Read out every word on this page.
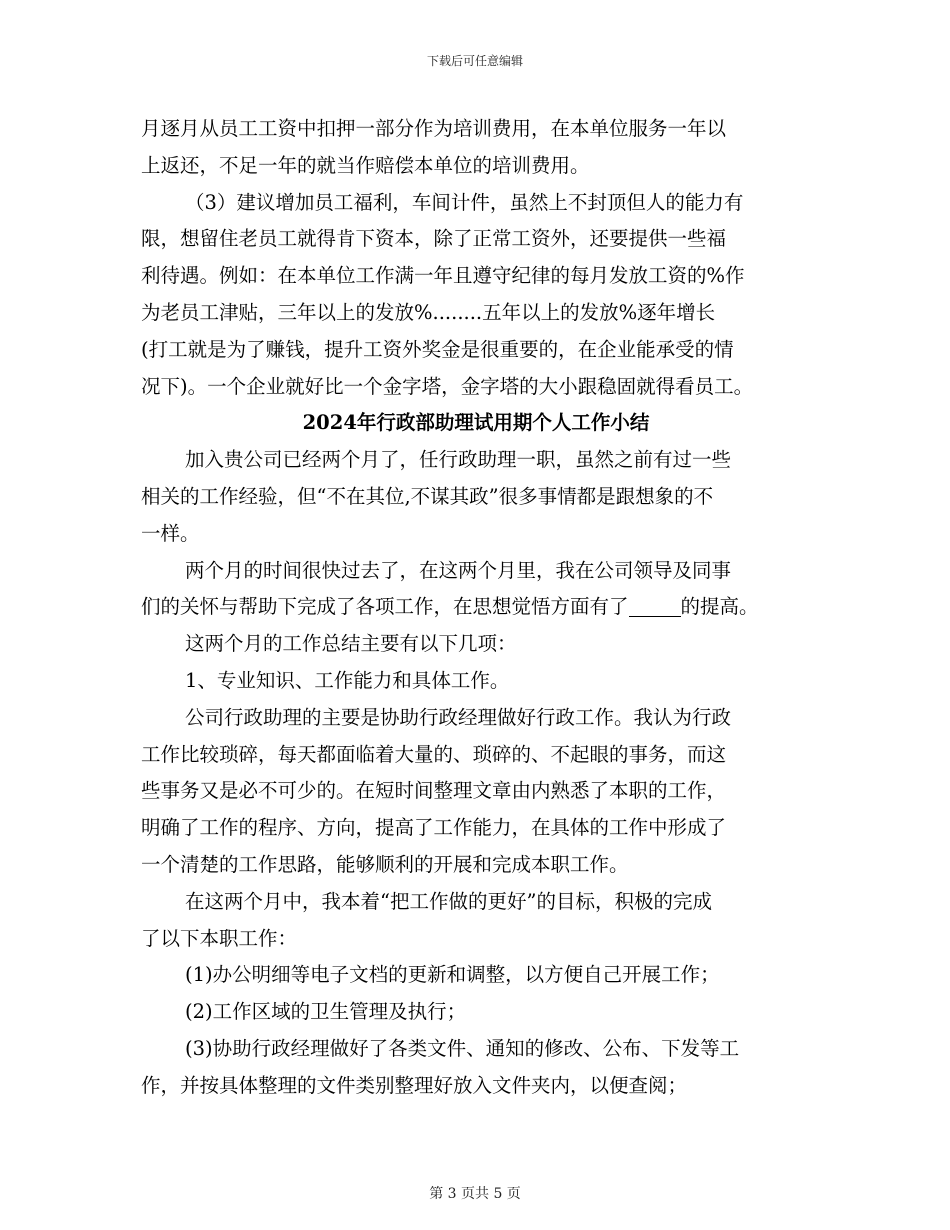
下载后可任意编辑
月逐月从员工工资中扣押一部分作为培训费用，在本单位服务一年以
上返还，不足一年的就当作赔偿本单位的培训费用。
（3）建议增加员工福利，车间计件，虽然上不封顶但人的能力有
限，想留住老员工就得肯下资本，除了正常工资外，还要提供一些福
利待遇。例如：在本单位工作满一年且遵守纪律的每月发放工资的%作
为老员工津贴，三年以上的发放%........五年以上的发放%逐年增长
(打工就是为了赚钱，提升工资外奖金是很重要的，在企业能承受的情
况下)。一个企业就好比一个金字塔，金字塔的大小跟稳固就得看员工。
2024年行政部助理试用期个人工作小结
加入贵公司已经两个月了，任行政助理一职，虽然之前有过一些
相关的工作经验，但“不在其位,不谋其政”很多事情都是跟想象的不
一样。
两个月的时间很快过去了，在这两个月里，我在公司领导及同事
们的关怀与帮助下完成了各项工作，在思想觉悟方面有了	的提高。
这两个月的工作总结主要有以下几项：
1、专业知识、工作能力和具体工作。
公司行政助理的主要是协助行政经理做好行政工作。我认为行政
工作比较琐碎，每天都面临着大量的、琐碎的、不起眼的事务，而这
些事务又是必不可少的。在短时间整理文章由内熟悉了本职的工作，
明确了工作的程序、方向，提高了工作能力，在具体的工作中形成了
一个清楚的工作思路，能够顺利的开展和完成本职工作。
在这两个月中，我本着“把工作做的更好”的目标，积极的完成
了以下本职工作：
(1)办公明细等电子文档的更新和调整，以方便自己开展工作；
(2)工作区域的卫生管理及执行；
(3)协助行政经理做好了各类文件、通知的修改、公布、下发等工
作，并按具体整理的文件类别整理好放入文件夹内，以便查阅；
第 3 页共 5 页
